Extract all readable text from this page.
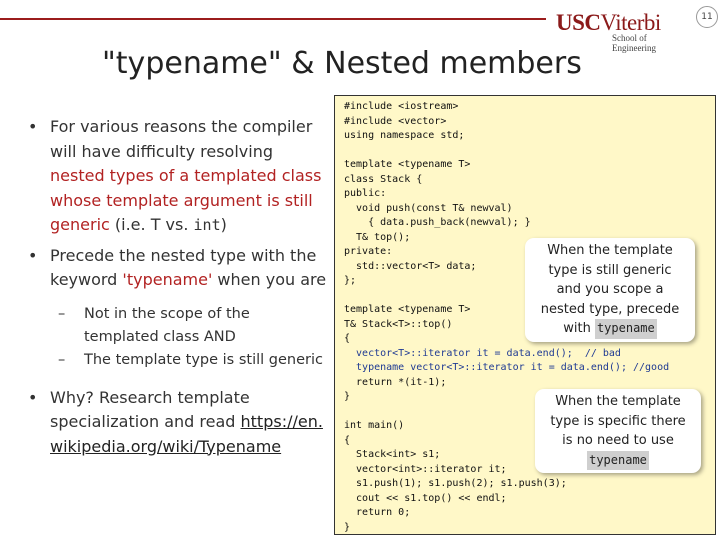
USCViterbi
School of Engineering
11
"typename" & Nested members
• For various reasons the compiler will have difficulty resolving nested types of a templated class whose template argument is still generic (i.e. T vs. int)
• Precede the nested type with the keyword 'typename' when you are
– Not in the scope of the templated class AND
– The template type is still generic
• Why? Research template specialization and read https://en.wikipedia.org/wiki/Typename
#include <iostream>
#include <vector>
using namespace std;

template <typename T>
class Stack {
public:
void push(const T& newval)
{ data.push_back(newval); }
T& top();
private:
std::vector<T> data;
};

template <typename T>
T& Stack<T>::top()
{
vector<T>::iterator it = data.end();  // bad
typename vector<T>::iterator it = data.end(); //good
return *(it-1);
}

int main()
{
Stack<int> s1;
vector<int>::iterator it;
s1.push(1); s1.push(2); s1.push(3);
cout << s1.top() << endl;
return 0;
}

When the template
type is still generic
and you scope a
nested type, precede
with typename
When the template
type is specific there
is no need to use
typename
